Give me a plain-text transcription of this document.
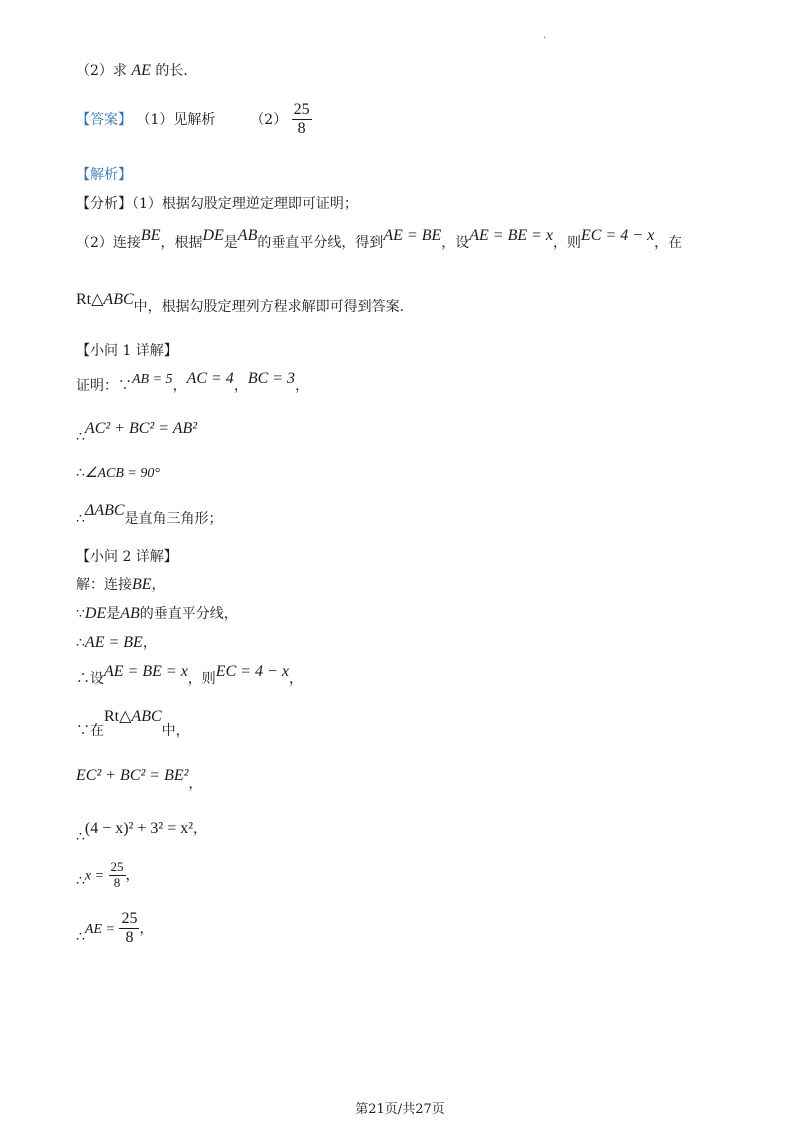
.
（2）求 AE 的长．
【答案】 （1）见解析 $(2) \frac{25}{8}$
【解析】
【分析】（1）根据勾股定理逆定理即可证明；
（2）连接BE，根据DE是AB的垂直平分线，得到AE = BE，设AE = BE = x，则EC = 4 − x，在
Rt△ABC中，根据勾股定理列方程求解即可得到答案．
【小问 1 详解】
证明：∵AB = 5，AC = 4，BC = 3，
∴AC² + BC² = AB²
∴∠ACB = 90°
∴ΔABC是直角三角形；
【小问 2 详解】
解：连接BE，
∵DE是AB的垂直平分线，
∴AE = BE，
∴设AE = BE = x，则EC = 4 − x，
∵在Rt△ABC中，
EC² + BC² = BE²，
∴(4 − x)² + 3² = x²，
∴x = $\frac{25}{8}$ ，
∴AE = $\frac{25}{8}$ ，
第21页/共27页
